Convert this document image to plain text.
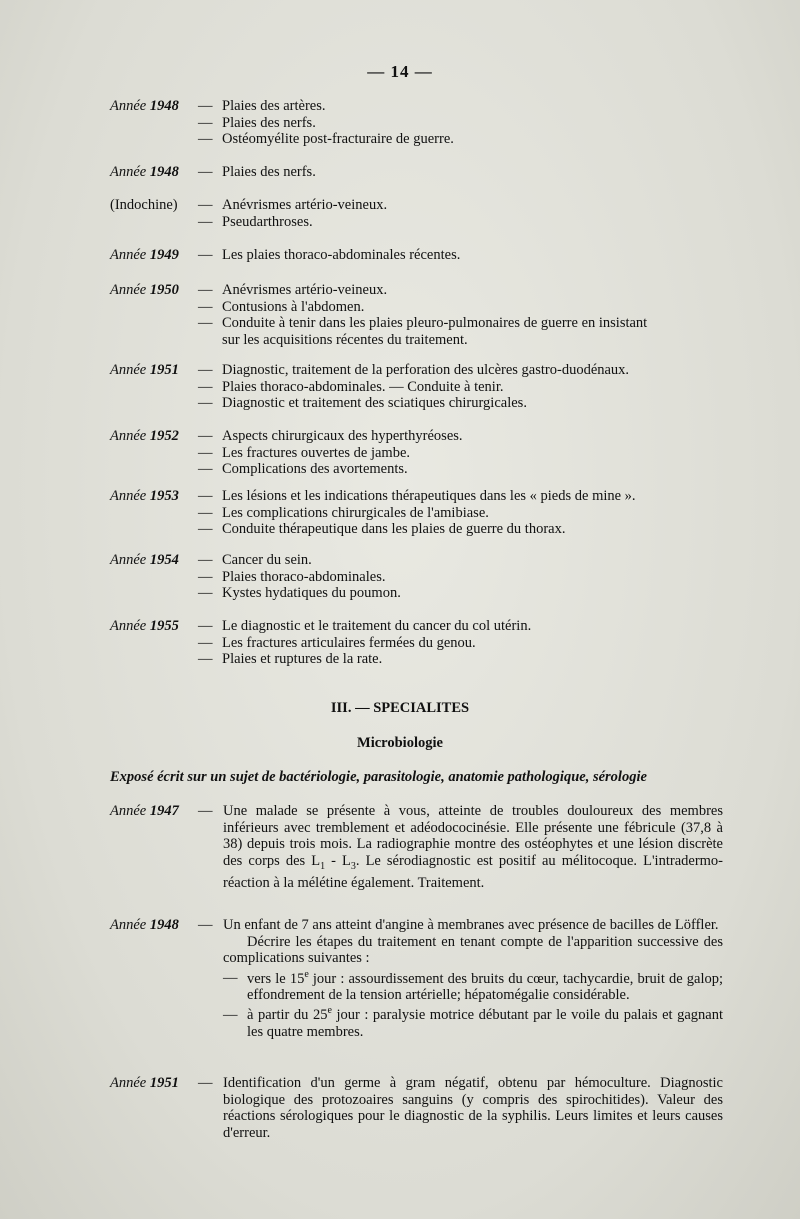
— 14 —
Année 1948	— Plaies des artères.
— Plaies des nerfs.
— Ostéomyélite post-fracturaire de guerre.
Année 1948	— Plaies des nerfs.
(Indochine)	— Anévrismes artério-veineux.
— Pseudarthroses.
Année 1949	— Les plaies thoraco-abdominales récentes.
Année 1950	— Anévrismes artério-veineux.
— Contusions à l'abdomen.
— Conduite à tenir dans les plaies pleuro-pulmonaires de guerre en insistant
sur les acquisitions récentes du traitement.
Année 1951	— Diagnostic, traitement de la perforation des ulcères gastro-duodénaux.
— Plaies thoraco-abdominales. — Conduite à tenir.
— Diagnostic et traitement des sciatiques chirurgicales.
Année 1952	— Aspects chirurgicaux des hyperthyréoses.
— Les fractures ouvertes de jambe.
— Complications des avortements.
Année 1953	— Les lésions et les indications thérapeutiques dans les « pieds de mine ».
— Les complications chirurgicales de l'amibiase.
— Conduite thérapeutique dans les plaies de guerre du thorax.
Année 1954	— Cancer du sein.
— Plaies thoraco-abdominales.
— Kystes hydatiques du poumon.
Année 1955	— Le diagnostic et le traitement du cancer du col utérin.
— Les fractures articulaires fermées du genou.
— Plaies et ruptures de la rate.
III. — SPECIALITES
Microbiologie
Exposé écrit sur un sujet de bactériologie, parasitologie, anatomie pathologique, sérologie
Année 1947	— Une malade se présente à vous, atteinte de troubles douloureux des membres inférieurs avec tremblement et adéodococinésie. Elle présente une fébricule (37,8 à 38) depuis trois mois. La radiographie montre des ostéophytes et une lésion discrète des corps des $L_1 - L_3$. Le sérodiagnostic est positif au mélitocoque. L'intradermo-réaction à la mélétine également. Traitement.
Année 1948	— Un enfant de 7 ans atteint d'angine à membranes avec présence de bacilles de Löffler.
Décrire les étapes du traitement en tenant compte de l'apparition successive des complications suivantes :
— vers le 15e jour : assourdissement des bruits du cœur, tachycardie, bruit de galop; effondrement de la tension artérielle; hépatomégalie considérable.
— à partir du 25e jour : paralysie motrice débutant par le voile du palais et gagnant les quatre membres.
Année 1951	— Identification d'un germe à gram négatif, obtenu par hémoculture. Diagnostic biologique des protozoaires sanguins (y compris des spirochitides). Valeur des réactions sérologiques pour le diagnostic de la syphilis. Leurs limites et leurs causes d'erreur.
